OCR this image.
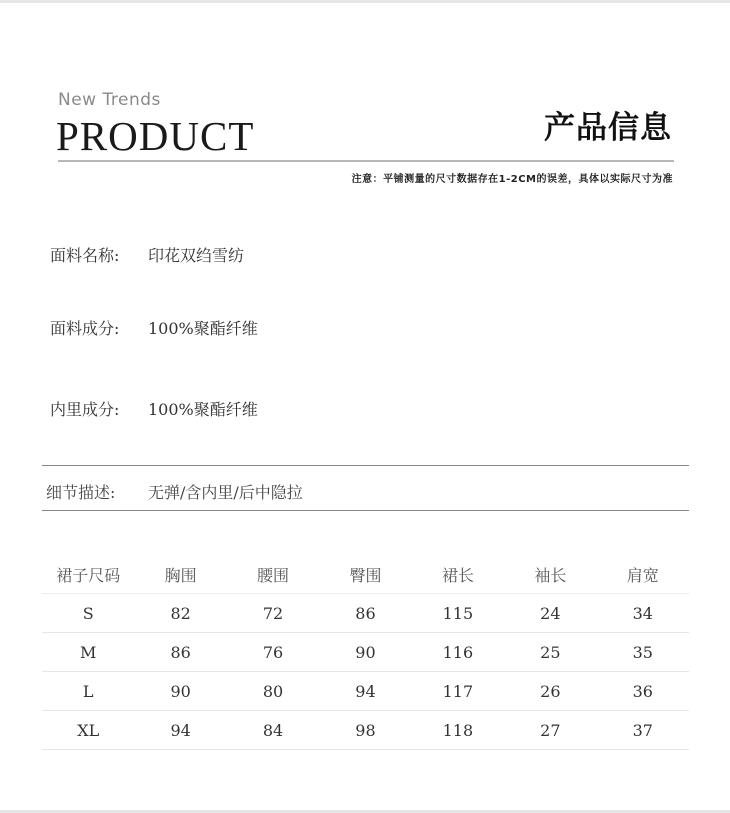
New Trends
PRODUCT	产品信息
注意：平铺测量的尺寸数据存在1-2CM的误差，具体以实际尺寸为准
面料名称: 印花双绉雪纺
面料成分: 100%聚酯纤维
内里成分: 100%聚酯纤维
细节描述: 无弹/含内里/后中隐拉
裙子尺码	胸围	腰围	臀围	裙长	袖长	肩宽
S	82	72	86	115	24	34
M	86	76	90	116	25	35
L	90	80	94	117	26	36
XL	94	84	98	118	27	37
